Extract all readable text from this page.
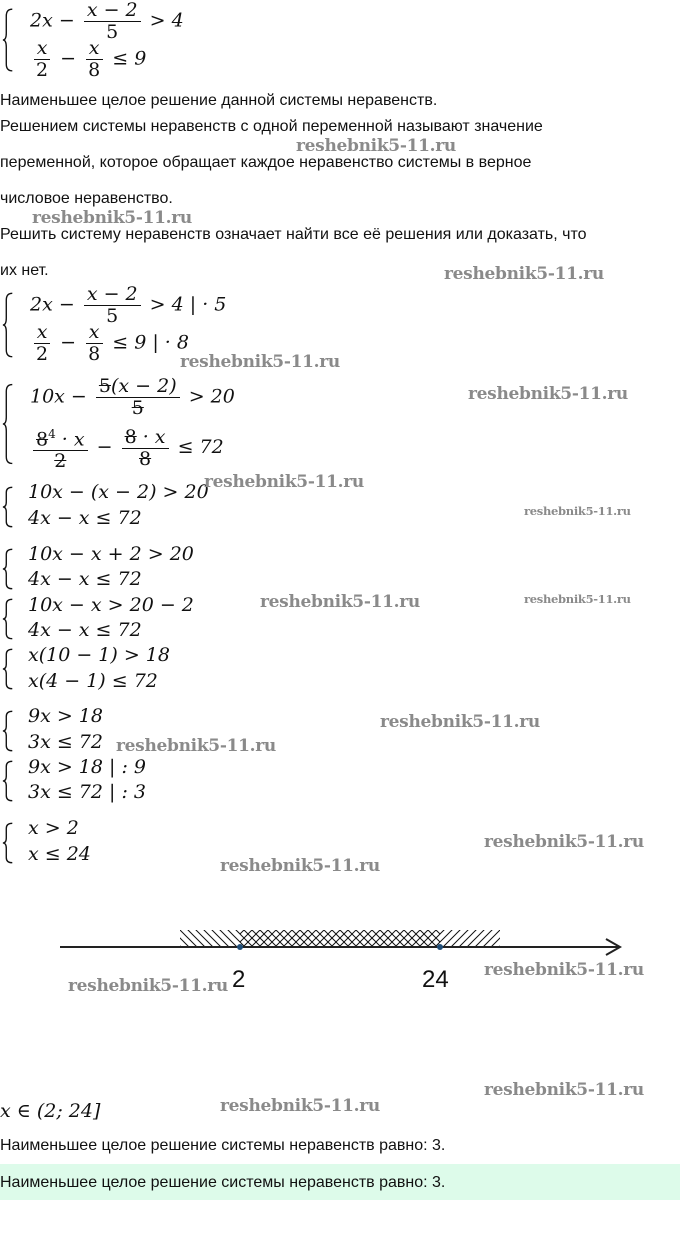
$2x - \frac{x - 2}{5} > 4$
$\frac{x}{2} - \frac{x}{8} \le 9$
Наименьшее целое решение данной системы неравенств.
Решением системы неравенств с одной переменной называют значение
reshebnik5-11.ru
переменной, которое обращает каждое неравенство системы в верное
числовое неравенство.
reshebnik5-11.ru
Решить систему неравенств означает найти все её решения или доказать, что
их нет.	reshebnik5-11.ru
$2x - \frac{x - 2}{5} > 4$ | · 5
$\frac{x}{2} - \frac{x}{8} \le 9$ | · 8
reshebnik5-11.ru
$10x - \frac{5(x - 2)}{5} > 20$	reshebnik5-11.ru
$\frac{8^4 \cdot x}{2} - \frac{8 \cdot x}{8} \le 72$
10x − (x − 2) > 20
reshebnik5-11.ru
reshebnik5-11.ru
4x − x ≤ 72
10x − x + 2 > 20
4x − x ≤ 72
10x − x > 20 − 2	reshebnik5-11.ru	reshebnik5-11.ru
4x − x ≤ 72
x(10 − 1) > 18
x(4 − 1) ≤ 72
9x > 18	reshebnik5-11.ru
3x ≤ 72 reshebnik5-11.ru
9x > 18 | : 9
3x ≤ 72 | : 3
x > 2
reshebnik5-11.ru
x ≤ 24
reshebnik5-11.ru
2	24
reshebnik5-11.ru
reshebnik5-11.ru
reshebnik5-11.ru
x ∈ (2; 24]	reshebnik5-11.ru
Наименьшее целое решение системы неравенств равно: 3.
Наименьшее целое решение системы неравенств равно: 3.
